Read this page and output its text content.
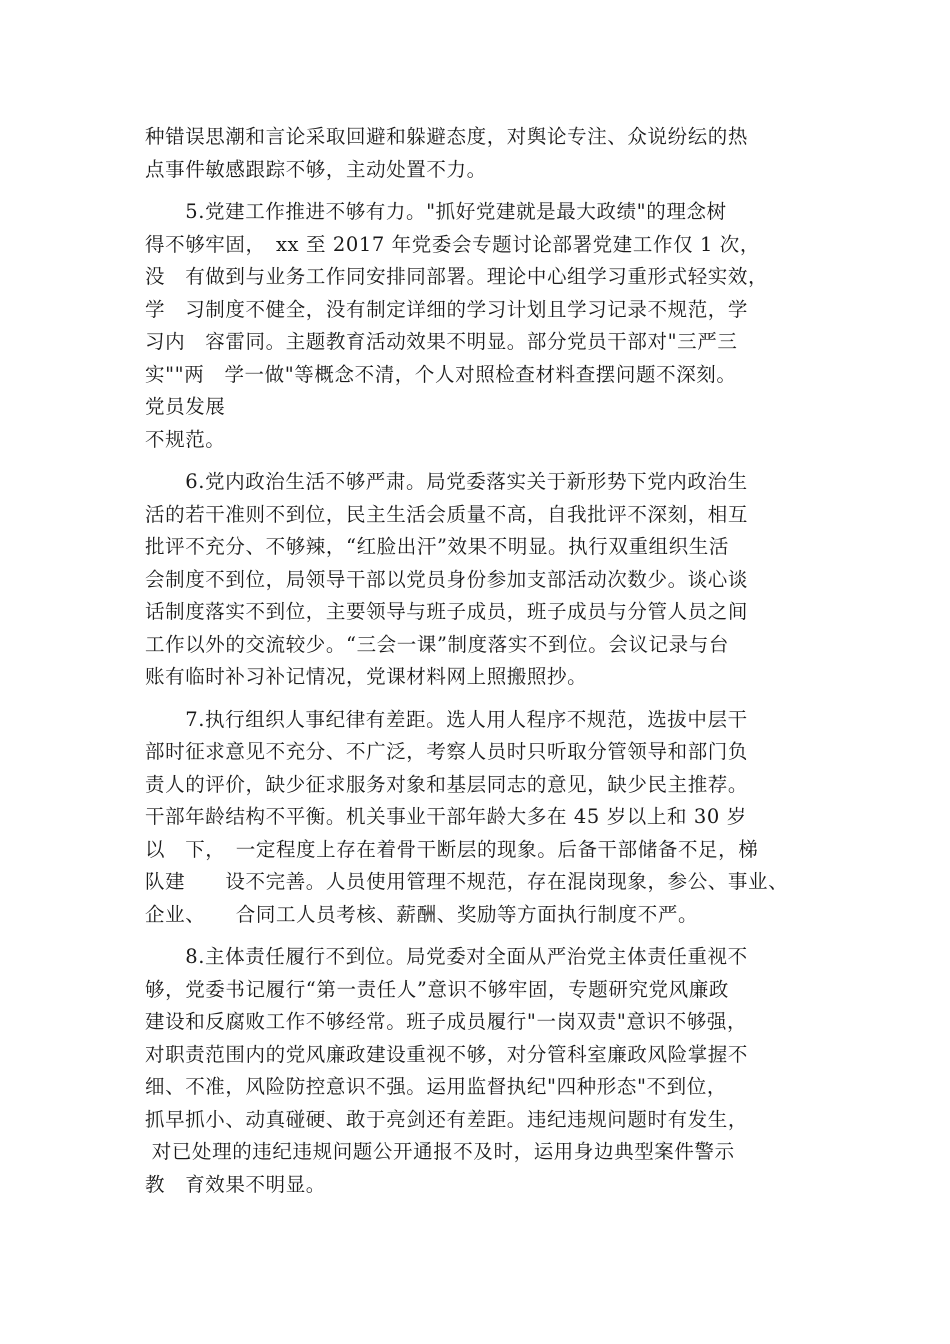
种错误思潮和言论采取回避和躲避态度，对舆论专注、众说纷纭的热
点事件敏感跟踪不够，主动处置不力。
　　5.党建工作推进不够有力。"抓好党建就是最大政绩"的理念树
得不够牢固，　xx 至 2017 年党委会专题讨论部署党建工作仅 1 次，
没　有做到与业务工作同安排同部署。理论中心组学习重形式轻实效，
学　习制度不健全，没有制定详细的学习计划且学习记录不规范，学
习内　容雷同。主题教育活动效果不明显。部分党员干部对"三严三
实""两　学一做"等概念不清，个人对照检查材料查摆问题不深刻。
党员发展
不规范。
　　6.党内政治生活不够严肃。局党委落实关于新形势下党内政治生
活的若干准则不到位，民主生活会质量不高，自我批评不深刻，相互
批评不充分、不够辣，“红脸出汗”效果不明显。执行双重组织生活
会制度不到位，局领导干部以党员身份参加支部活动次数少。谈心谈
话制度落实不到位，主要领导与班子成员，班子成员与分管人员之间
工作以外的交流较少。“三会一课”制度落实不到位。会议记录与台
账有临时补习补记情况，党课材料网上照搬照抄。
　　7.执行组织人事纪律有差距。选人用人程序不规范，选拔中层干
部时征求意见不充分、不广泛，考察人员时只听取分管领导和部门负
责人的评价，缺少征求服务对象和基层同志的意见，缺少民主推荐。
干部年龄结构不平衡。机关事业干部年龄大多在 45 岁以上和 30 岁
以　下，　一定程度上存在着骨干断层的现象。后备干部储备不足，梯
队建　　设不完善。人员使用管理不规范，存在混岗现象，参公、事业、
企业、　　合同工人员考核、薪酬、奖励等方面执行制度不严。
　　8.主体责任履行不到位。局党委对全面从严治党主体责任重视不
够，党委书记履行“第一责任人”意识不够牢固，专题研究党风廉政
建设和反腐败工作不够经常。班子成员履行"一岗双责"意识不够强，
对职责范围内的党风廉政建设重视不够，对分管科室廉政风险掌握不
细、不准，风险防控意识不强。运用监督执纪"四种形态"不到位，
抓早抓小、动真碰硬、敢于亮剑还有差距。违纪违规问题时有发生，
对已处理的违纪违规问题公开通报不及时，运用身边典型案件警示
教　育效果不明显。
